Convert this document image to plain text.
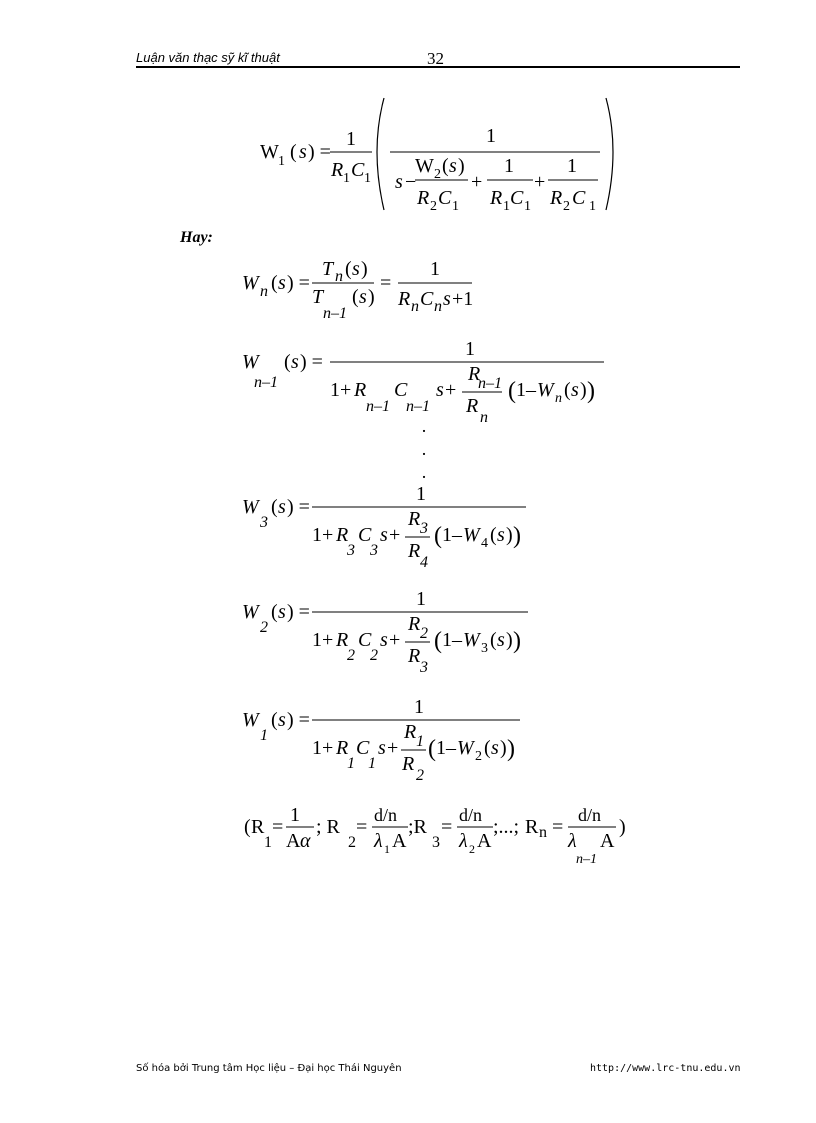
Luận văn thạc sỹ kĩ thuật	32
W 1 ( s ) =
1
R 1 C 1
1
s −
W 2 ( s )
R 2 C 1
+
1
R 1 C 1
+
1
R 2 C 1
Hay:
W n ( s ) =
T n ( s )
T
n–1
( s )
=
1
R n C n s +1
W
n–1
( s ) =
1
1+ R
n–1
C
n–1
s +
R
n–1
R
n
( 1– W n ( s ) )
.
.
.
W
3
( s ) =
1
1+ R
3
C
3
s +
R 3
R
4
( 1– W 4 ( s ) )
W
2
( s ) =
1
1+ R
2
C
2
s +
R 2
R
3
( 1– W 3 ( s ) )
W
1
( s ) =
1
1+ R
1
C
1
s +
R 1
R
2
( 1– W 2 ( s ) )
( R
1
=
1
A α
; R
2
=
d/n
λ 1 A
;R
3
=
d/n
λ 2 A
;...; R n =
d/n
λ
n–1
A
)
Số hóa bởi Trung tâm Học liệu – Đại học Thái Nguyên	http://www.lrc-tnu.edu.vn
